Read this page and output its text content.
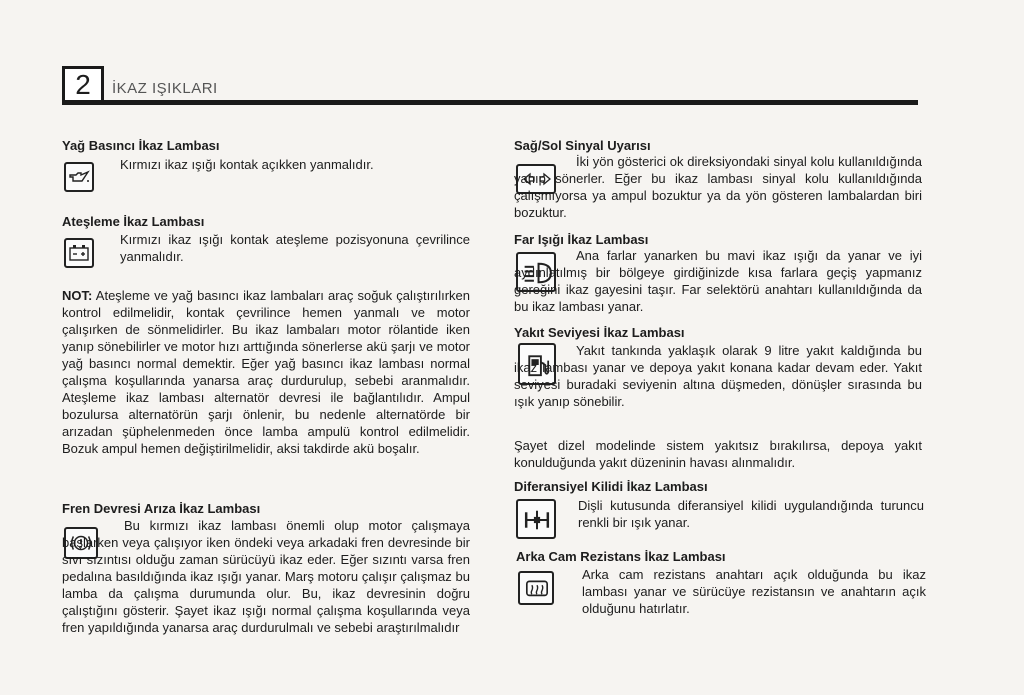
2	İKAZ IŞIKLARI
Yağ Basıncı İkaz Lambası

Kırmızı ikaz ışığı kontak açıkken yanmalıdır.

Ateşleme İkaz Lambası

Kırmızı ikaz ışığı kontak ateşleme pozisyonuna çevrilince yanmalıdır.

NOT: Ateşleme ve yağ basıncı ikaz lambaları araç soğuk çalıştırılırken kontrol edilmelidir, kontak çevrilince hemen yanmalı ve motor çalışırken de sönmelidirler. Bu ikaz lambaları motor rölantide iken yanıp sönebilirler ve motor hızı arttığında sönerlerse akü şarjı ve motor yağ basıncı normal demektir. Eğer yağ basıncı ikaz lambası normal çalışma koşullarında yanarsa araç durdurulup, sebebi aranmalıdır. Ateşleme ikaz lambası alternatör devresi ile bağlantılıdır. Ampul bozulursa alternatörün şarjı önlenir, bu nedenle alternatörde bir arızadan şüphelenmeden önce lamba ampulü kontrol edilmelidir. Bozuk ampul hemen değiştirilmelidir, aksi takdirde akü boşalır.

Fren Devresi Arıza İkaz Lambası

Bu kırmızı ikaz lambası önemli olup motor çalışmaya başlarken veya çalışıyor iken öndeki veya arkadaki fren devresinde bir sıvı sızıntısı olduğu zaman sürücüyü ikaz eder. Eğer sızıntı varsa fren pedalına basıldığında ikaz ışığı yanar. Marş motoru çalışır çalışmaz bu lamba da çalışma durumunda olur. Bu, ikaz devresinin doğru çalıştığını gösterir. Şayet ikaz ışığı normal çalışma koşullarında veya fren yapıldığında yanarsa araç durdurulmalı ve sebebi araştırılmalıdır

Sağ/Sol Sinyal Uyarısı

İki yön gösterici ok direksiyondaki sinyal kolu kullanıldığında yanıp sönerler. Eğer bu ikaz lambası sinyal kolu kullanıldığında çalışmıyorsa ya ampul bozuktur ya da yön gösteren lambalardan biri bozuktur.

Far Işığı İkaz Lambası

Ana farlar yanarken bu mavi ikaz ışığı da yanar ve iyi aydınlatılmış bir bölgeye girdiğinizde kısa farlara geçiş yapmanız gereğini ikaz gayesini taşır. Far selektörü anahtarı kullanıldığında da bu ikaz lambası yanar.

Yakıt Seviyesi İkaz Lambası

Yakıt tankında yaklaşık olarak 9 litre yakıt kaldığında bu ikaz lambası yanar ve depoya yakıt konana kadar devam eder. Yakıt seviyesi buradaki seviyenin altına düşmeden, dönüşler sırasında bu ışık yanıp sönebilir.

Şayet dizel modelinde sistem yakıtsız bırakılırsa, depoya yakıt konulduğunda yakıt düzeninin havası alınmalıdır.

Diferansiyel Kilidi İkaz Lambası

Dişli kutusunda diferansiyel kilidi uygulandığında turuncu renkli bir ışık yanar.

Arka Cam Rezistans İkaz Lambası

Arka cam rezistans anahtarı açık olduğunda bu ikaz lambası yanar ve sürücüye rezistansın ve anahtarın açık olduğunu hatırlatır.
